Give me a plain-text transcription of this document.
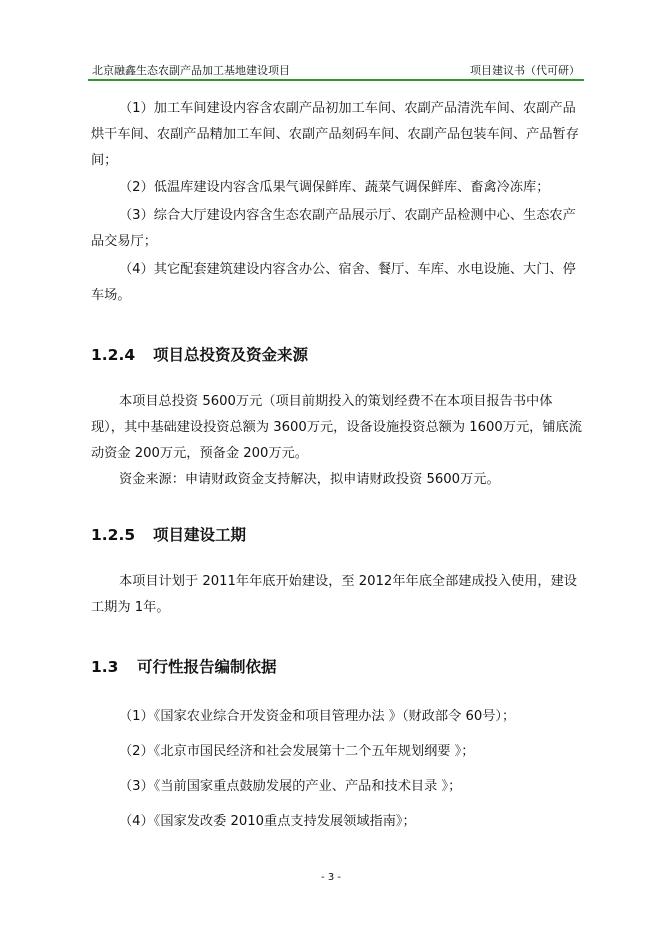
北京融鑫生态农副产品加工基地建设项目	项目建议书（代可研）

（1）加工车间建设内容含农副产品初加工车间、农副产品清洗车间、农副产品烘干车间、农副产品精加工车间、农副产品刻码车间、农副产品包装车间、产品暂存间；

（2）低温库建设内容含瓜果气调保鲜库、蔬菜气调保鲜库、畜禽冷冻库；

（3）综合大厅建设内容含生态农副产品展示厅、农副产品检测中心、生态农产品交易厅；

（4）其它配套建筑建设内容含办公、宿舍、餐厅、车库、水电设施、大门、停车场。

1.2.4 项目总投资及资金来源

本项目总投资 5600万元（项目前期投入的策划经费不在本项目报告书中体现），其中基础建设投资总额为 3600万元，设备设施投资总额为 1600万元，铺底流动资金 200万元，预备金 200万元。

资金来源：申请财政资金支持解决，拟申请财政投资 5600万元。

1.2.5 项目建设工期

本项目计划于 2011年年底开始建设，至 2012年年底全部建成投入使用，建设工期为 1年。

1.3 可行性报告编制依据

（1）《国家农业综合开发资金和项目管理办法 》（财政部令 60号）；

（2）《北京市国民经济和社会发展第十二个五年规划纲要 》；

（3）《当前国家重点鼓励发展的产业、产品和技术目录 》；

（4）《国家发改委 2010重点支持发展领域指南》；

- 3 -
